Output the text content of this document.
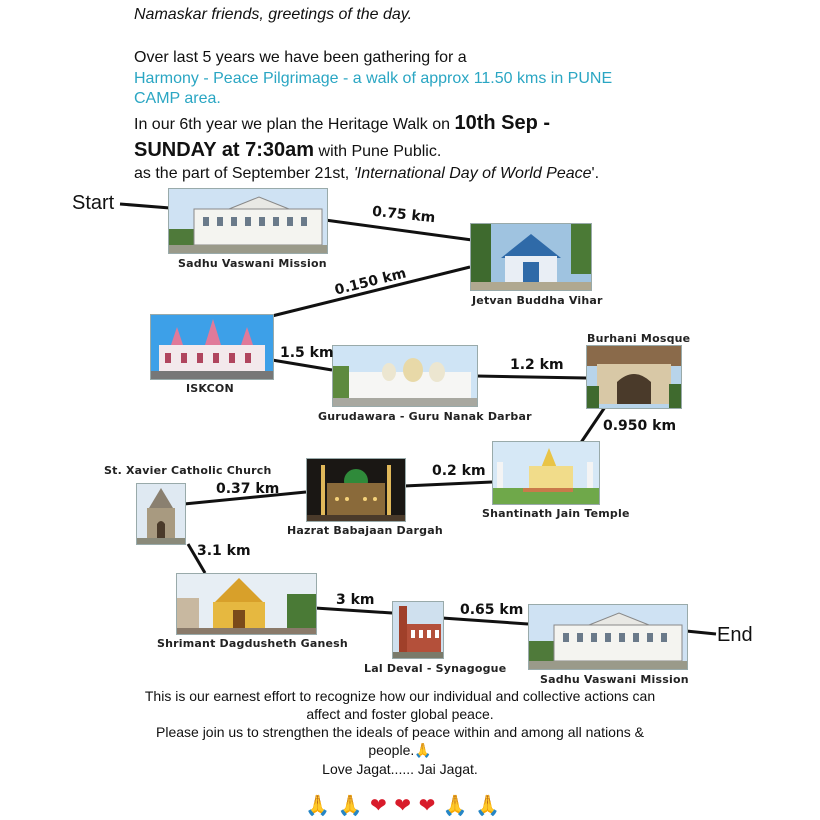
Namaskar friends, greetings of the day.
Over last 5 years we have been gathering for a
Harmony - Peace Pilgrimage - a walk of approx 11.50 kms in PUNE
CAMP area.
In our 6th year we plan the Heritage Walk on 10th Sep -
SUNDAY at 7:30am with Pune Public.
as the part of September 21st, 'International Day of World Peace'.
Start
End
Sadhu Vaswani Mission
Jetvan Buddha Vihar
ISKCON
Gurudawara - Guru Nanak Darbar
Burhani Mosque
Shantinath Jain Temple
Hazrat Babajaan Dargah
St. Xavier Catholic Church
Shrimant Dagdusheth Ganesh
Lal Deval - Synagogue
Sadhu Vaswani Mission
0.75 km
0.150 km
1.5 km
1.2 km
0.950 km
0.2 km
0.37 km
3.1 km
3 km
0.65 km
This is our earnest effort to recognize how our individual and collective actions can
affect and foster global peace.
Please join us to strengthen the ideals of peace within and among all nations &
people.🙏
Love Jagat...... Jai Jagat.
🙏 🙏 ❤ ❤ ❤ 🙏 🙏
